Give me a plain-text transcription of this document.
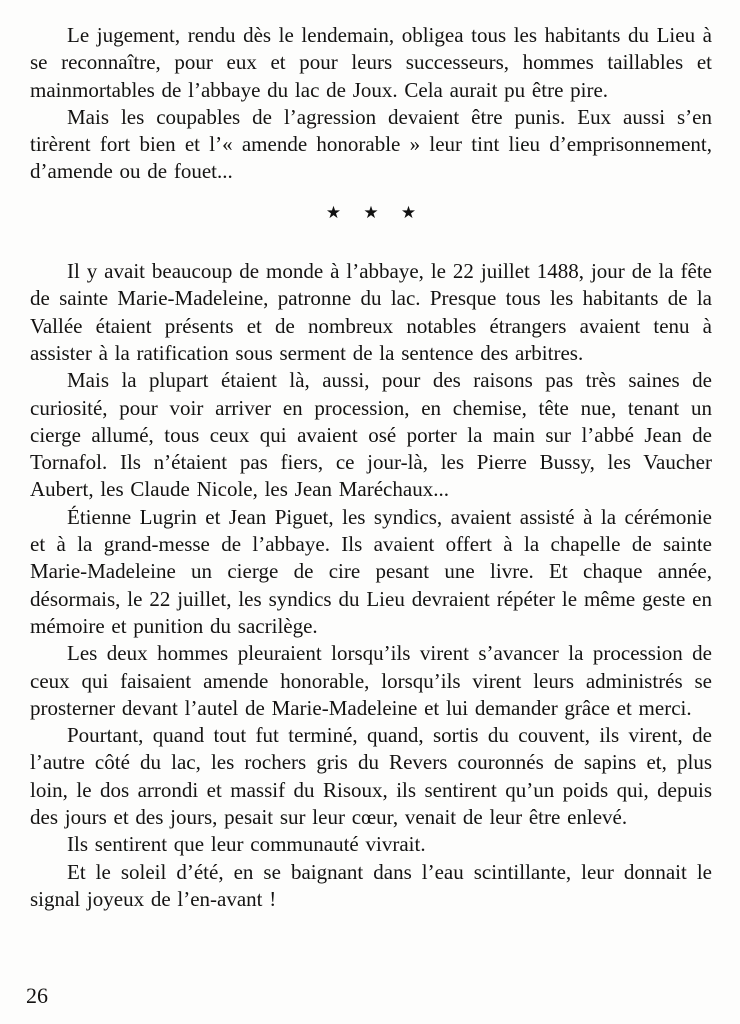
Le jugement, rendu dès le lendemain, obligea tous les habitants du Lieu à se reconnaître, pour eux et pour leurs successeurs, hommes taillables et mainmortables de l’abbaye du lac de Joux. Cela aurait pu être pire.

Mais les coupables de l’agression devaient être punis. Eux aussi s’en tirèrent fort bien et l’« amende honorable » leur tint lieu d’emprisonnement, d’amende ou de fouet...

★ ★ ★

Il y avait beaucoup de monde à l’abbaye, le 22 juillet 1488, jour de la fête de sainte Marie-Madeleine, patronne du lac. Presque tous les habitants de la Vallée étaient présents et de nombreux notables étrangers avaient tenu à assister à la ratification sous serment de la sentence des arbitres.

Mais la plupart étaient là, aussi, pour des raisons pas très saines de curiosité, pour voir arriver en procession, en chemise, tête nue, tenant un cierge allumé, tous ceux qui avaient osé porter la main sur l’abbé Jean de Tornafol. Ils n’étaient pas fiers, ce jour-là, les Pierre Bussy, les Vaucher Aubert, les Claude Nicole, les Jean Maréchaux...

Étienne Lugrin et Jean Piguet, les syndics, avaient assisté à la cérémonie et à la grand-messe de l’abbaye. Ils avaient offert à la chapelle de sainte Marie-Madeleine un cierge de cire pesant une livre. Et chaque année, désormais, le 22 juillet, les syndics du Lieu devraient répéter le même geste en mémoire et punition du sacrilège.

Les deux hommes pleuraient lorsqu’ils virent s’avancer la procession de ceux qui faisaient amende honorable, lorsqu’ils virent leurs administrés se prosterner devant l’autel de Marie-Madeleine et lui demander grâce et merci.

Pourtant, quand tout fut terminé, quand, sortis du couvent, ils virent, de l’autre côté du lac, les rochers gris du Revers couronnés de sapins et, plus loin, le dos arrondi et massif du Risoux, ils sentirent qu’un poids qui, depuis des jours et des jours, pesait sur leur cœur, venait de leur être enlevé.

Ils sentirent que leur communauté vivrait.

Et le soleil d’été, en se baignant dans l’eau scintillante, leur donnait le signal joyeux de l’en-avant !

26
